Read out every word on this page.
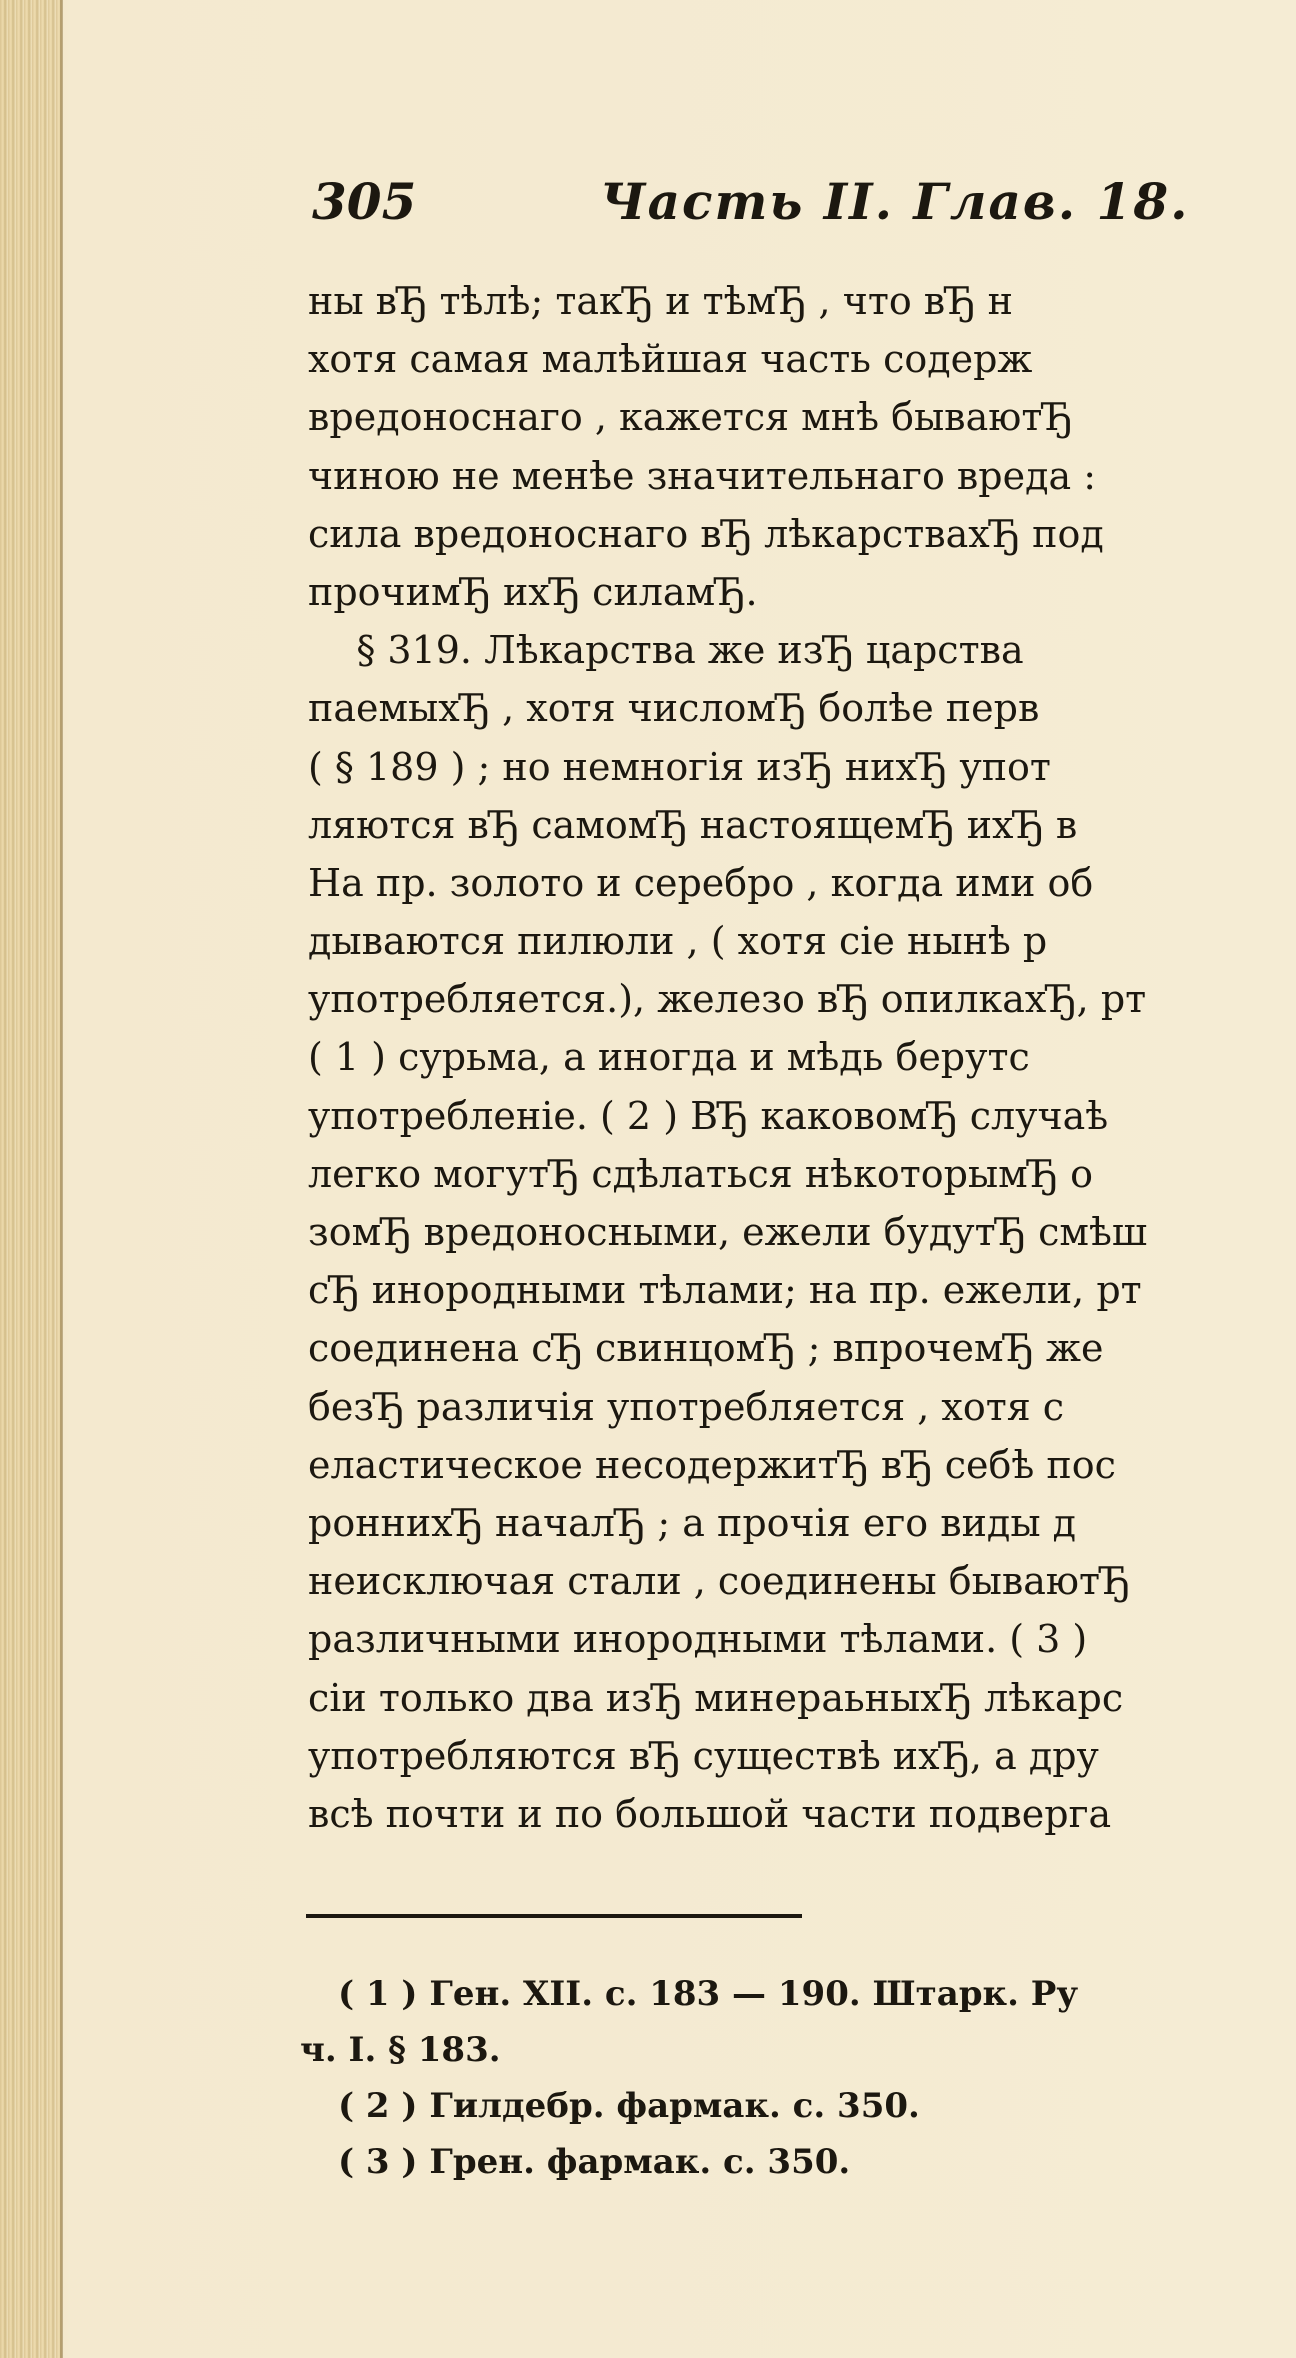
305	Часть II. Глав. 18.
ны вЂ тѣлѣ; такЂ и тѣмЂ , что вЂ н
хотя самая малѣйшая часть содерж
вредоноснаго , кажется мнѣ бываютЂ
чиною не менѣе значительнаго вреда :
сила вредоноснаго вЂ лѣкарствахЂ под
прочимЂ ихЂ силамЂ.
§ 319. Лѣкарства же изЂ царства
паемыхЂ , хотя числомЂ болѣе перв
( § 189 ) ; но немногія изЂ нихЂ упот
ляются вЂ самомЂ настоящемЂ ихЂ в
На пр. золото и серебро , когда ими об
дываются пилюли , ( хотя сіе нынѣ р
употребляется.), железо вЂ опилкахЂ, рт
( 1 ) сурьма, а иногда и мѣдь берутс
употребленіе. ( 2 ) ВЂ каковомЂ случаѣ
легко могутЂ сдѣлаться нѣкоторымЂ о
зомЂ вредоносными, ежели будутЂ смѣш
сЂ инородными тѣлами; на пр. ежели, рт
соединена сЂ свинцомЂ ; впрочемЂ же
безЂ различія употребляется , хотя с
еластическое несодержитЂ вЂ себѣ пос
роннихЂ началЂ ; а прочія его виды д
неисключая стали , соединены бываютЂ
различными инородными тѣлами. ( 3 )
сіи только два изЂ минераьныхЂ лѣкарс
употребляются вЂ существѣ ихЂ, а дру
всѣ почти и по большой части подверга
( 1 ) Ген. XII. с. 183 — 190. Штарк. Ру
ч. I. § 183.
( 2 ) Гилдебр. фармак. с. 350.
( 3 ) Грен. фармак. с. 350.
